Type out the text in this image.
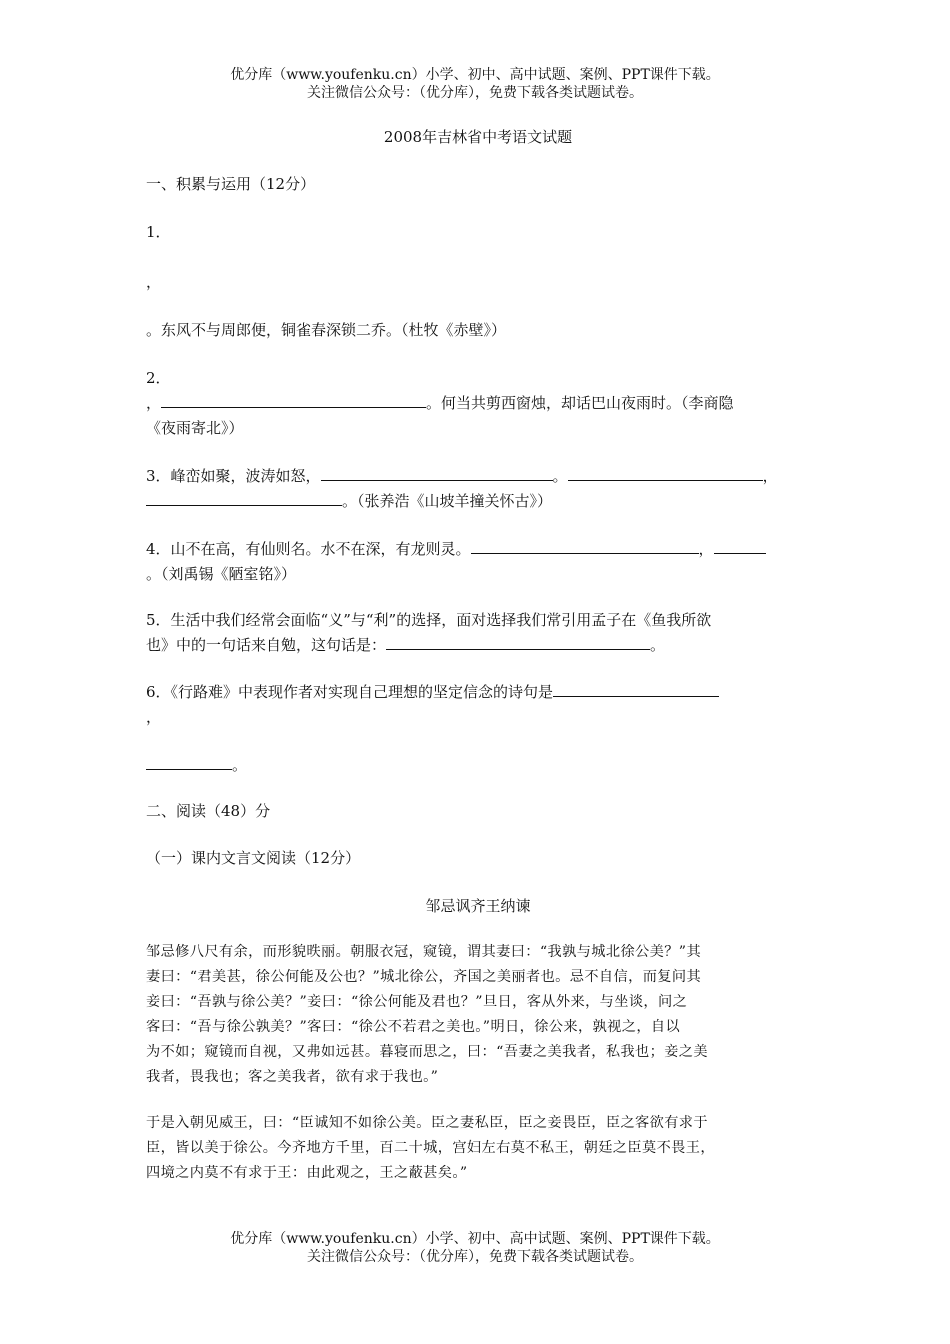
优分库（www.youfenku.cn）小学、初中、高中试题、案例、PPT课件下载。
关注微信公众号：（优分库），免费下载各类试题试卷。
2008年吉林省中考语文试题
一、积累与运用（12分）
1．
，
。东风不与周郎便，铜雀春深锁二乔。（杜牧《赤壁》）
2．
，	。何当共剪西窗烛，却话巴山夜雨时。（李商隐
《夜雨寄北》）
3．峰峦如聚，波涛如怒，	。	，
。（张养浩《山坡羊撞关怀古》）
4．山不在高，有仙则名。水不在深，有龙则灵。	，
。（刘禹锡《陋室铭》）
5．生活中我们经常会面临“义”与“利”的选择，面对选择我们常引用孟子在《鱼我所欲
也》中的一句话来自勉，这句话是：	。
6．《行路难》中表现作者对实现自己理想的坚定信念的诗句是
，
。
二、阅读（48）分
（一）课内文言文阅读（12分）
邹忌讽齐王纳谏
邹忌修八尺有余，而形貌昳丽。朝服衣冠，窥镜，谓其妻曰：“我孰与城北徐公美？”其
妻曰：“君美甚，徐公何能及公也？”城北徐公，齐国之美丽者也。忌不自信，而复问其
妾曰：“吾孰与徐公美？”妾曰：“徐公何能及君也？”旦日，客从外来，与坐谈，问之
客曰：“吾与徐公孰美？”客曰：“徐公不若君之美也。”明日，徐公来，孰视之，自以
为不如；窥镜而自视，又弗如远甚。暮寝而思之，曰：“吾妻之美我者，私我也；妾之美
我者，畏我也；客之美我者，欲有求于我也。”
于是入朝见威王，曰：“臣诚知不如徐公美。臣之妻私臣，臣之妾畏臣，臣之客欲有求于
臣，皆以美于徐公。今齐地方千里，百二十城，宫妇左右莫不私王，朝廷之臣莫不畏王，
四境之内莫不有求于王：由此观之，王之蔽甚矣。”
优分库（www.youfenku.cn）小学、初中、高中试题、案例、PPT课件下载。
关注微信公众号：（优分库），免费下载各类试题试卷。
